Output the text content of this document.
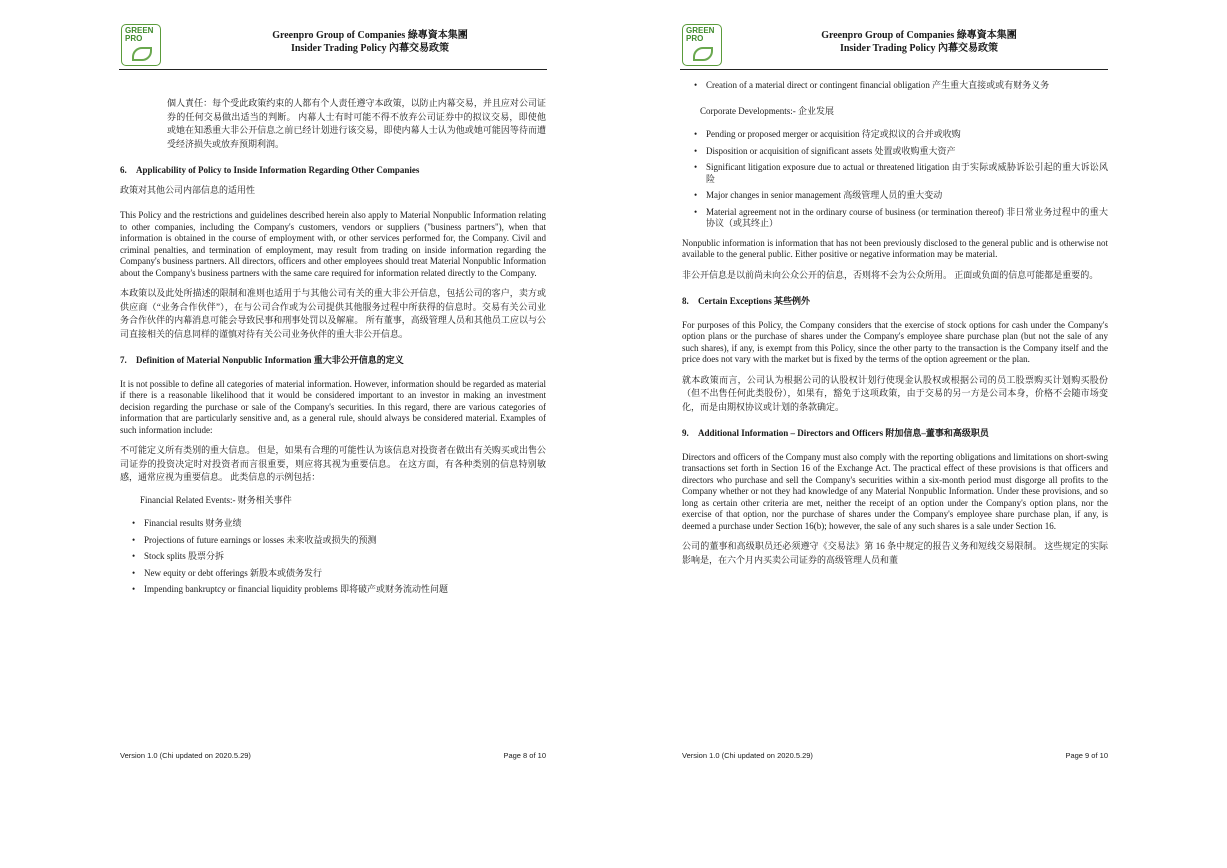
GREEN PRO	Greenpro Group of Companies 綠專資本集團
Insider Trading Policy 內幕交易政策

個人責任：每个受此政策约束的人都有个人责任遵守本政策，以防止内幕交易，并且应对公司证券的任何交易做出适当的判断。 内幕人士有时可能不得不放弃公司证券中的拟议交易，即使他或她在知悉重大非公开信息之前已经计划进行该交易，即使内幕人士认为他或她可能因等待而遭受经济损失或放弃预期利润。

6. Applicability of Policy to Inside Information Regarding Other Companies

政策对其他公司内部信息的适用性

This Policy and the restrictions and guidelines described herein also apply to Material Nonpublic Information relating to other companies, including the Company's customers, vendors or suppliers ("business partners"), when that information is obtained in the course of employment with, or other services performed for, the Company. Civil and criminal penalties, and termination of employment, may result from trading on inside information regarding the Company's business partners. All directors, officers and other employees should treat Material Nonpublic Information about the Company's business partners with the same care required for information related directly to the Company.

本政策以及此处所描述的限制和准则也适用于与其他公司有关的重大非公开信息，包括公司的客户，卖方或供应商（“业务合作伙伴”），在与公司合作或为公司提供其他服务过程中所获得的信息时。交易有关公司业务合作伙伴的内幕消息可能会导致民事和刑事处罚以及解雇。 所有董事，高级管理人员和其他员工应以与公司直接相关的信息同样的谨慎对待有关公司业务伙伴的重大非公开信息。

7. Definition of Material Nonpublic Information 重大非公开信息的定义

It is not possible to define all categories of material information. However, information should be regarded as material if there is a reasonable likelihood that it would be considered important to an investor in making an investment decision regarding the purchase or sale of the Company's securities. In this regard, there are various categories of information that are particularly sensitive and, as a general rule, should always be considered material. Examples of such information include:

不可能定义所有类别的重大信息。 但是，如果有合理的可能性认为该信息对投资者在做出有关购买或出售公司证券的投资决定时对投资者而言很重要，则应将其视为重要信息。 在这方面，有各种类别的信息特别敏感，通常应视为重要信息。 此类信息的示例包括：

Financial Related Events:- 财务相关事件

• Financial results 财务业绩
• Projections of future earnings or losses 未来收益或损失的预测
• Stock splits 股票分拆
• New equity or debt offerings 新股本或债务发行
• Impending bankruptcy or financial liquidity problems 即将破产或财务流动性问题
Version 1.0 (Chi updated on 2020.5.29)	Page 8 of 10
GREEN PRO	Greenpro Group of Companies 綠專資本集團
Insider Trading Policy 內幕交易政策
• Creation of a material direct or contingent financial obligation 产生重大直接或或有财务义务

Corporate Developments:- 企业发展

• Pending or proposed merger or acquisition 待定或拟议的合并或收购
• Disposition or acquisition of significant assets 处置或收购重大资产
• Significant litigation exposure due to actual or threatened litigation 由于实际或威胁诉讼引起的重大诉讼风险
• Major changes in senior management 高级管理人员的重大变动
• Material agreement not in the ordinary course of business (or termination thereof) 非日常业务过程中的重大协议（或其终止）

Nonpublic information is information that has not been previously disclosed to the general public and is otherwise not available to the general public. Either positive or negative information may be material.

非公开信息是以前尚未向公众公开的信息，否则将不会为公众所用。 正面或负面的信息可能都是重要的。

8. Certain Exceptions 某些例外

For purposes of this Policy, the Company considers that the exercise of stock options for cash under the Company's option plans or the purchase of shares under the Company's employee share purchase plan (but not the sale of any such shares), if any, is exempt from this Policy, since the other party to the transaction is the Company itself and the price does not vary with the market but is fixed by the terms of the option agreement or the plan.

就本政策而言，公司认为根据公司的认股权计划行使现金认股权或根据公司的员工股票购买计划购买股份（但不出售任何此类股份），如果有，豁免于这项政策，由于交易的另一方是公司本身，价格不会随市场变化，而是由期权协议或计划的条款确定。

9. Additional Information – Directors and Officers 附加信息–董事和高级职员

Directors and officers of the Company must also comply with the reporting obligations and limitations on short-swing transactions set forth in Section 16 of the Exchange Act. The practical effect of these provisions is that officers and directors who purchase and sell the Company's securities within a six-month period must disgorge all profits to the Company whether or not they had knowledge of any Material Nonpublic Information. Under these provisions, and so long as certain other criteria are met, neither the receipt of an option under the Company's option plans, nor the exercise of that option, nor the purchase of shares under the Company's employee share purchase plan, if any, is deemed a purchase under Section 16(b); however, the sale of any such shares is a sale under Section 16.

公司的董事和高级职员还必须遵守《交易法》第 16 条中规定的报告义务和短线交易限制。 这些规定的实际影响是，在六个月内买卖公司证券的高级管理人员和董

Version 1.0 (Chi updated on 2020.5.29)	Page 9 of 10
